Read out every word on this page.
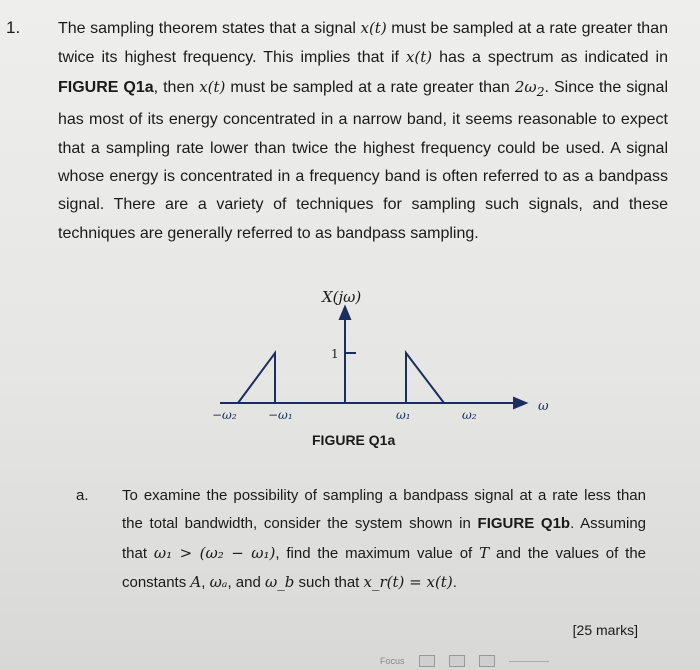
1. The sampling theorem states that a signal x(t) must be sampled at a rate greater than twice its highest frequency. This implies that if x(t) has a spectrum as indicated in FIGURE Q1a, then x(t) must be sampled at a rate greater than $2\omega_2$. Since the signal has most of its energy concentrated in a narrow band, it seems reasonable to expect that a sampling rate lower than twice the highest frequency could be used. A signal whose energy is concentrated in a frequency band is often referred to as a bandpass signal. There are a variety of techniques for sampling such signals, and these techniques are generally referred to as bandpass sampling.
X(jω)
1
ω
−ω₂	−ω₁	ω₁	ω₂
FIGURE Q1a
a. To examine the possibility of sampling a bandpass signal at a rate less than the total bandwidth, consider the system shown in FIGURE Q1b. Assuming that ω₁ > (ω₂ − ω₁), find the maximum value of T and the values of the constants A, ωₐ, and ω_b such that x_r(t) = x(t).
[25 marks]
Focus
